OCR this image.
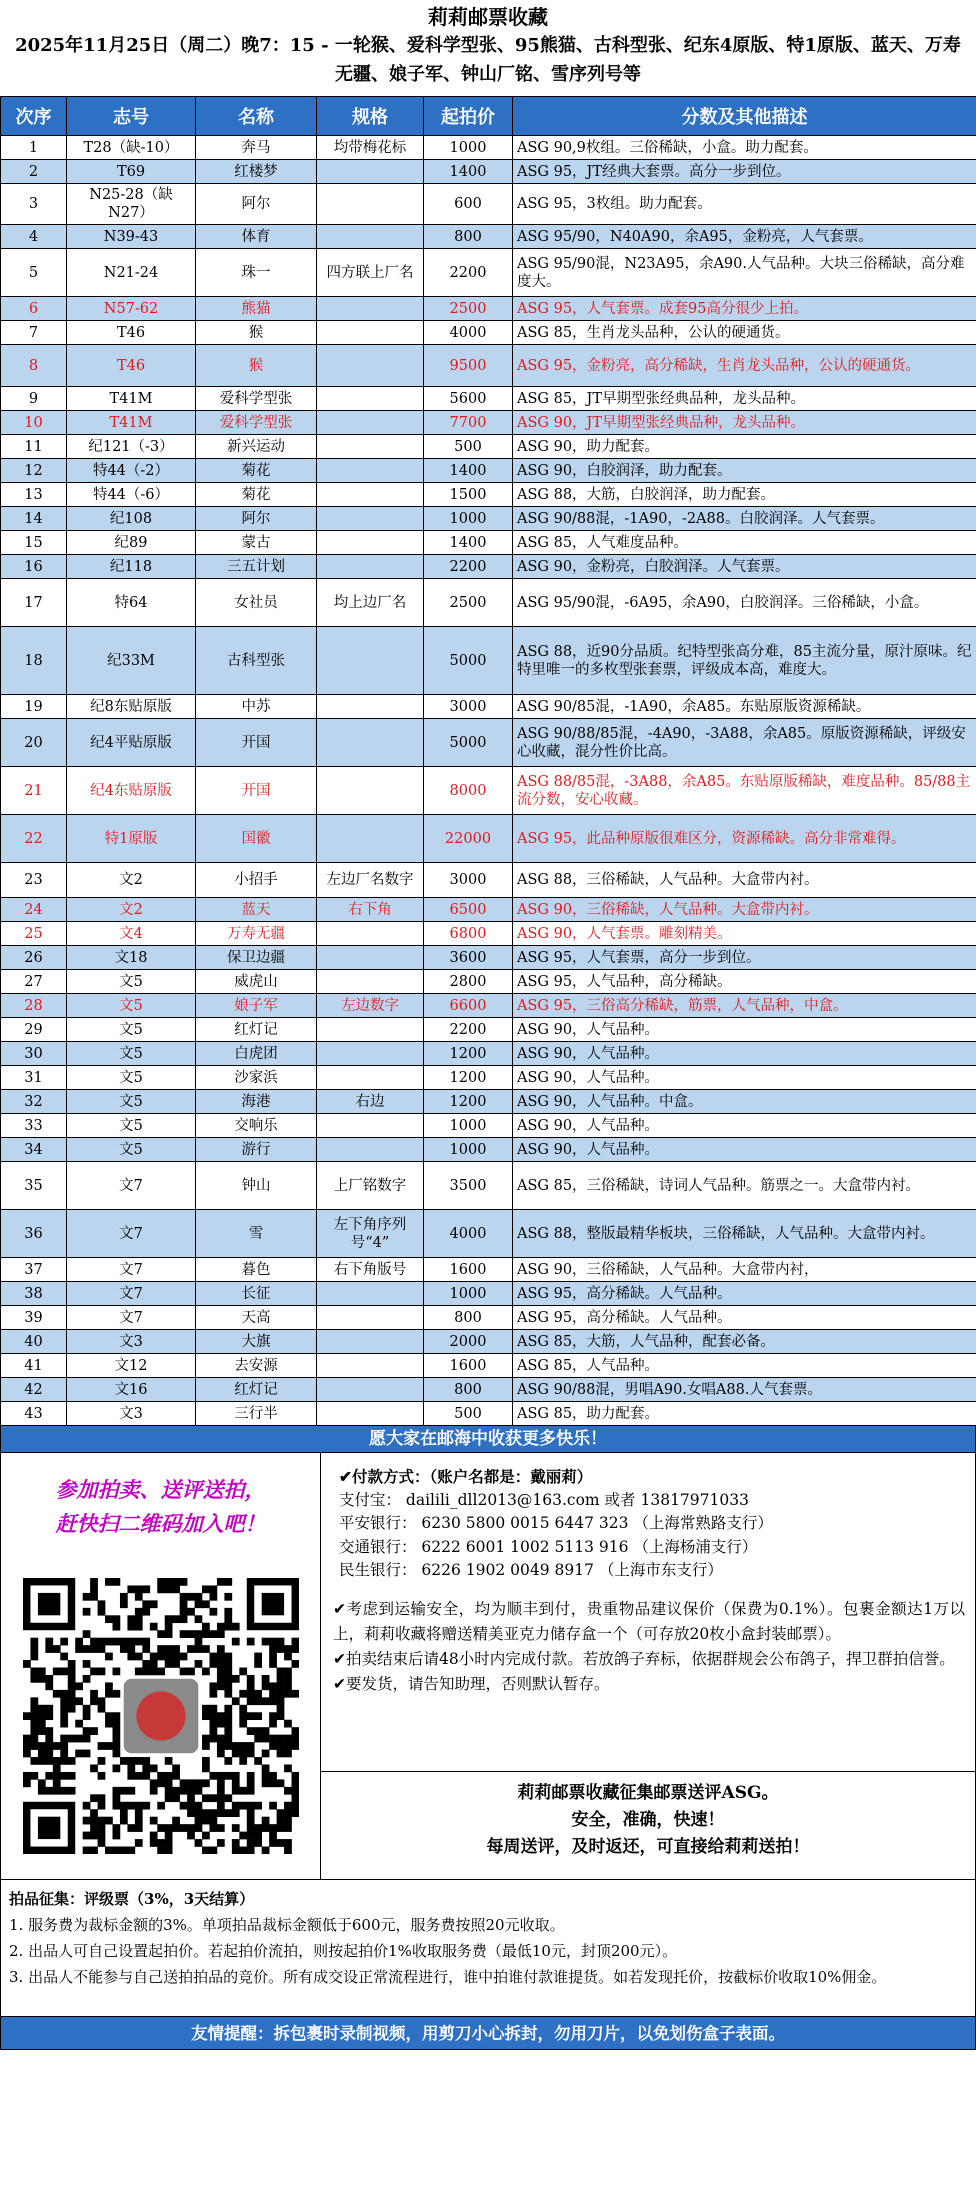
莉莉邮票收藏

2025年11月25日（周二）晚7：15 - 一轮猴、爱科学型张、95熊猫、古科型张、纪东4原版、特1原版、蓝天、万寿无疆、娘子军、钟山厂铭、雪序列号等

次序	志号	名称	规格	起拍价	分数及其他描述
1	T28（缺-10）	奔马	均带梅花标	1000	ASG 90,9枚组。三俗稀缺，小盒。助力配套。
2	T69	红楼梦		1400	ASG 95，JT经典大套票。高分一步到位。
3	N25-28（缺N27）	阿尔		600	ASG 95，3枚组。助力配套。
4	N39-43	体育		800	ASG 95/90，N40A90，余A95，金粉亮，人气套票。
5	N21-24	珠一	四方联上厂名	2200	ASG 95/90混，N23A95，余A90.人气品种。大块三俗稀缺，高分难度大。
6	N57-62	熊猫		2500	ASG 95，人气套票。成套95高分很少上拍。
7	T46	猴		4000	ASG 85，生肖龙头品种，公认的硬通货。
8	T46	猴		9500	ASG 95，金粉亮，高分稀缺，生肖龙头品种，公认的硬通货。
9	T41M	爱科学型张		5600	ASG 85，JT早期型张经典品种，龙头品种。
10	T41M	爱科学型张		7700	ASG 90，JT早期型张经典品种，龙头品种。
11	纪121（-3）	新兴运动		500	ASG 90，助力配套。
12	特44（-2）	菊花		1400	ASG 90，白胶润泽，助力配套。
13	特44（-6）	菊花		1500	ASG 88，大筋，白胶润泽，助力配套。
14	纪108	阿尔		1000	ASG 90/88混，-1A90，-2A88。白胶润泽。人气套票。
15	纪89	蒙古		1400	ASG 85，人气难度品种。
16	纪118	三五计划		2200	ASG 90，金粉亮，白胶润泽。人气套票。
17	特64	女社员	均上边厂名	2500	ASG 95/90混，-6A95，余A90，白胶润泽。三俗稀缺，小盒。
18	纪33M	古科型张		5000	ASG 88，近90分品质。纪特型张高分难，85主流分量，原汁原味。纪特里唯一的多枚型张套票，评级成本高，难度大。
19	纪8东贴原版	中苏		3000	ASG 90/85混，-1A90，余A85。东贴原版资源稀缺。
20	纪4平贴原版	开国		5000	ASG 90/88/85混，-4A90，-3A88，余A85。原版资源稀缺，评级安心收藏，混分性价比高。
21	纪4东贴原版	开国		8000	ASG 88/85混，-3A88，余A85。东贴原版稀缺，难度品种。85/88主流分数，安心收藏。
22	特1原版	国徽		22000	ASG 95，此品种原版很难区分，资源稀缺。高分非常难得。
23	文2	小招手	左边厂名数字	3000	ASG 88，三俗稀缺，人气品种。大盒带内衬。
24	文2	蓝天	右下角	6500	ASG 90，三俗稀缺，人气品种。大盒带内衬。
25	文4	万寿无疆		6800	ASG 90，人气套票。雕刻精美。
26	文18	保卫边疆		3600	ASG 95，人气套票，高分一步到位。
27	文5	威虎山		2800	ASG 95，人气品种，高分稀缺。
28	文5	娘子军	左边数字	6600	ASG 95，三俗高分稀缺，筋票，人气品种，中盒。
29	文5	红灯记		2200	ASG 90，人气品种。
30	文5	白虎团		1200	ASG 90，人气品种。
31	文5	沙家浜		1200	ASG 90，人气品种。
32	文5	海港	右边	1200	ASG 90，人气品种。中盒。
33	文5	交响乐		1000	ASG 90，人气品种。
34	文5	游行		1000	ASG 90，人气品种。
35	文7	钟山	上厂铭数字	3500	ASG 85，三俗稀缺，诗词人气品种。筋票之一。大盒带内衬。
36	文7	雪	左下角序列号“4”	4000	ASG 88，整版最精华板块，三俗稀缺，人气品种。大盒带内衬。
37	文7	暮色	右下角版号	1600	ASG 90，三俗稀缺，人气品种。大盒带内衬，
38	文7	长征		1000	ASG 95，高分稀缺。人气品种。
39	文7	天高		800	ASG 95，高分稀缺。人气品种。
40	文3	大旗		2000	ASG 85，大筋，人气品种，配套必备。
41	文12	去安源		1600	ASG 85，人气品种。
42	文16	红灯记		800	ASG 90/88混，男唱A90.女唱A88.人气套票。
43	文3	三行半		500	ASG 85，助力配套。
愿大家在邮海中收获更多快乐！
参加拍卖、送评送拍，
赶快扫二维码加入吧！
✔付款方式：（账户名都是：戴丽莉）
支付宝： dailili_dll2013@163.com 或者 13817971033
平安银行： 6230 5800 0015 6447 323 （上海常熟路支行）
交通银行： 6222 6001 1002 5113 916 （上海杨浦支行）
民生银行： 6226 1902 0049 8917 （上海市东支行）

✔考虑到运输安全，均为顺丰到付，贵重物品建议保价（保费为0.1%）。包裹金额达1万以上，莉莉收藏将赠送精美亚克力储存盒一个（可存放20枚小盒封装邮票）。

✔拍卖结束后请48小时内完成付款。若放鸽子弃标，依据群规会公布鸽子，捍卫群拍信誉。

✔要发货，请告知助理，否则默认暂存。

莉莉邮票收藏征集邮票送评ASG。
安全，准确，快速！
每周送评，及时返还，可直接给莉莉送拍！

拍品征集：评级票（3%，3天结算）

1. 服务费为裁标金额的3%。单项拍品裁标金额低于600元，服务费按照20元收取。

2. 出品人可自己设置起拍价。若起拍价流拍，则按起拍价1%收取服务费（最低10元，封顶200元）。

3. 出品人不能参与自己送拍拍品的竞价。所有成交设正常流程进行，谁中拍谁付款谁提货。如若发现托价，按截标价收取10%佣金。

友情提醒：拆包裹时录制视频，用剪刀小心拆封，勿用刀片，以免划伤盒子表面。
